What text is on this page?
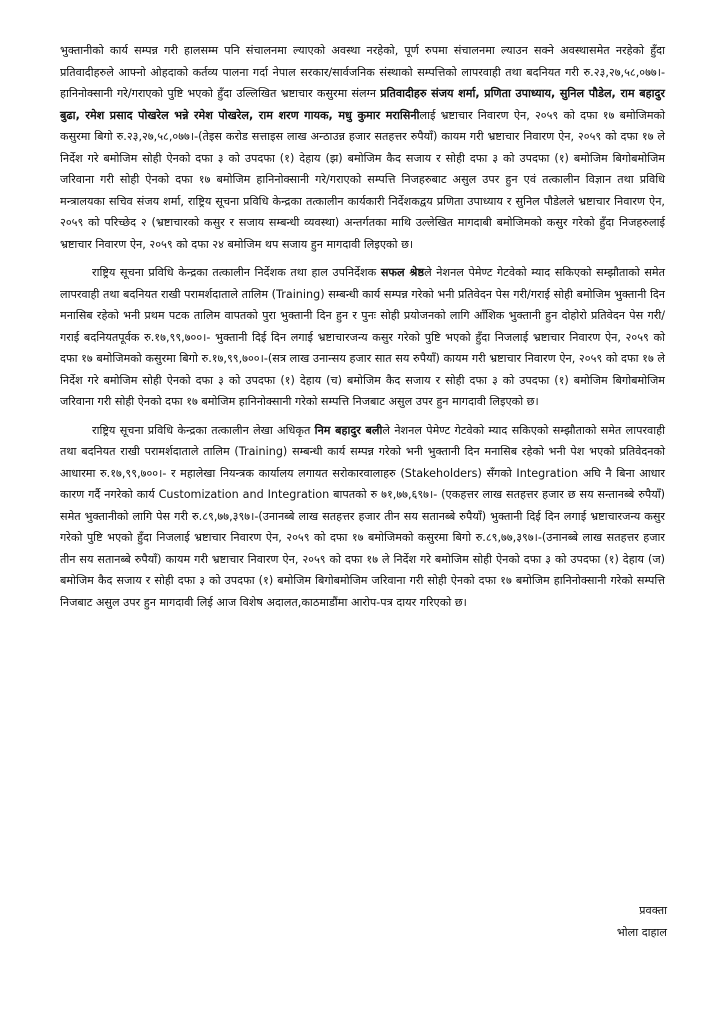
भुक्तानीको कार्य सम्पन्न गरी हालसम्म पनि संचालनमा ल्याएको अवस्था नरहेको, पूर्ण रुपमा संचालनमा ल्याउन सक्ने अवस्थासमेत नरहेको हुँदा प्रतिवादीहरुले आफ्नो ओहदाको कर्तव्य पालना गर्दा नेपाल सरकार/सार्वजनिक संस्थाको सम्पत्तिको लापरवाही तथा बदनियत गरी रु.२३,२७,५८,०७७।-हानिनोक्सानी गरे/गराएको पुष्टि भएको हुँदा उल्लिखित भ्रष्टाचार कसुरमा संलग्न प्रतिवादीहरु संजय शर्मा, प्रणिता उपाध्याय, सुनिल पौडेल, राम बहादुर बुढा, रमेश प्रसाद पोखरेल भन्ने रमेश पोखरेल, राम शरण गायक, मधु कुमार मरासिनीलाई भ्रष्टाचार निवारण ऐन, २०५९ को दफा १७ बमोजिमको कसुरमा बिगो रु.२३,२७,५८,०७७।-(तेइस करोड सत्ताइस लाख अन्ठाउन्न हजार सतहत्तर रुपैयाँ) कायम गरी भ्रष्टाचार निवारण ऐन, २०५९ को दफा १७ ले निर्देश गरे बमोजिम सोही ऐनको दफा ३ को उपदफा (१) देहाय (झ) बमोजिम कैद सजाय र सोही दफा ३ को उपदफा (१) बमोजिम बिगोबमोजिम जरिवाना गरी सोही ऐनको दफा १७ बमोजिम हानिनोक्सानी गरे/गराएको सम्पत्ति निजहरुबाट असुल उपर हुन एवं तत्कालीन विज्ञान तथा प्रविधि मन्त्रालयका सचिव संजय शर्मा, राष्ट्रिय सूचना प्रविधि केन्द्रका तत्कालीन कार्यकारी निर्देशकद्वय प्रणिता उपाध्याय र सुनिल पौडेलले भ्रष्टाचार निवारण ऐन, २०५९ को परिच्छेद २ (भ्रष्टाचारको कसुर र सजाय सम्बन्धी व्यवस्था) अन्तर्गतका माथि उल्लेखित मागदाबी बमोजिमको कसुर गरेको हुँदा निजहरुलाई भ्रष्टाचार निवारण ऐन, २०५९ को दफा २४ बमोजिम थप सजाय हुन मागदावी लिइएको छ।

राष्ट्रिय सूचना प्रविधि केन्द्रका तत्कालीन निर्देशक तथा हाल उपनिर्देशक सफल श्रेष्ठले नेशनल पेमेण्ट गेटवेको म्याद सकिएको सम्झौताको समेत लापरवाही तथा बदनियत राखी परामर्शदाताले तालिम (Training) सम्बन्धी कार्य सम्पन्न गरेको भनी प्रतिवेदन पेस गरी/गराई सोही बमोजिम भुक्तानी दिन मनासिब रहेको भनी प्रथम पटक तालिम वापतको पुरा भुक्तानी दिन हुन र पुनः सोही प्रयोजनको लागि आँशिक भुक्तानी हुन दोहोरो प्रतिवेदन पेस गरी/गराई बदनियतपूर्वक रु.१७,९९,७००।- भुक्तानी दिई दिन लगाई भ्रष्टाचारजन्य कसुर गरेको पुष्टि भएको हुँदा निजलाई भ्रष्टाचार निवारण ऐन, २०५९ को दफा १७ बमोजिमको कसुरमा बिगो रु.१७,९९,७००।-(सत्र लाख उनान्सय हजार सात सय रुपैयाँ) कायम गरी भ्रष्टाचार निवारण ऐन, २०५९ को दफा १७ ले निर्देश गरे बमोजिम सोही ऐनको दफा ३ को उपदफा (१) देहाय (च) बमोजिम कैद सजाय र सोही दफा ३ को उपदफा (१) बमोजिम बिगोबमोजिम जरिवाना गरी सोही ऐनको दफा १७ बमोजिम हानिनोक्सानी गरेको सम्पत्ति निजबाट असुल उपर हुन मागदावी लिइएको छ।

राष्ट्रिय सूचना प्रविधि केन्द्रका तत्कालीन लेखा अधिकृत निम बहादुर बलीले नेशनल पेमेण्ट गेटवेको म्याद सकिएको सम्झौताको समेत लापरवाही तथा बदनियत राखी परामर्शदाताले तालिम (Training) सम्बन्धी कार्य सम्पन्न गरेको भनी भुक्तानी दिन मनासिब रहेको भनी पेश भएको प्रतिवेदनको आधारमा रु.१७,९९,७००।- र महालेखा नियन्त्रक कार्यालय लगायत सरोकारवालाहरु (Stakeholders) सँगको Integration अघि नै बिना आधार कारण गर्दै नगरेको कार्य Customization and Integration बापतको रु ७१,७७,६९७।- (एकहत्तर लाख सतहत्तर हजार छ सय सन्तानब्बे रुपैयाँ) समेत भुक्तानीको लागि पेस गरी रु.८९,७७,३९७।-(उनानब्बे लाख सतहत्तर हजार तीन सय सतानब्बे रुपैयाँ) भुक्तानी दिई दिन लगाई भ्रष्टाचारजन्य कसुर गरेको पुष्टि भएको हुँदा निजलाई भ्रष्टाचार निवारण ऐन, २०५९ को दफा १७ बमोजिमको कसुरमा बिगो रु.८९,७७,३९७।-(उनानब्बे लाख सतहत्तर हजार तीन सय सतानब्बे रुपैयाँ) कायम गरी भ्रष्टाचार निवारण ऐन, २०५९ को दफा १७ ले निर्देश गरे बमोजिम सोही ऐनको दफा ३ को उपदफा (१) देहाय (ज) बमोजिम कैद सजाय र सोही दफा ३ को उपदफा (१) बमोजिम बिगोबमोजिम जरिवाना गरी सोही ऐनको दफा १७ बमोजिम हानिनोक्सानी गरेको सम्पत्ति निजबाट असुल उपर हुन मागदावी लिई आज विशेष अदालत,काठमाडौंमा आरोप-पत्र दायर गरिएको छ।

प्रवक्ता
भोला दाहाल
